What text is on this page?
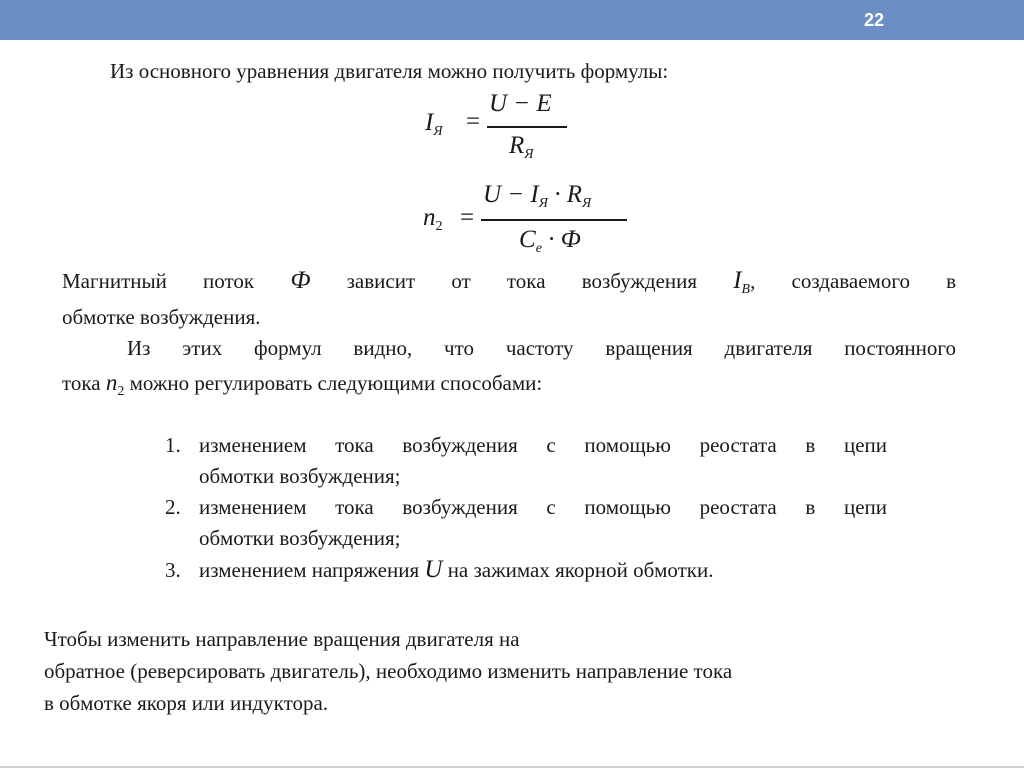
22
Из основного уравнения двигателя можно получить формулы:
$I_Я$ =
U − E
$R_Я$
$n_2$ =
$U - I_Я \cdot R_Я$
$C_e \cdot Ф$
Магнитный поток Ф зависит от тока возбуждения $I_B$, создаваемого в
обмотке возбуждения.
Из этих формул видно, что частоту вращения двигателя постоянного
тока $n_2$ можно регулировать следующими способами:
1. изменением тока возбуждения с помощью реостата в цепи
обмотки возбуждения;
2. изменением тока возбуждения с помощью реостата в цепи
обмотки возбуждения;
3. изменением напряжения U на зажимах якорной обмотки.
Чтобы изменить направление вращения двигателя на
обратное (реверсировать двигатель), необходимо изменить направление тока
в обмотке якоря или индуктора.
